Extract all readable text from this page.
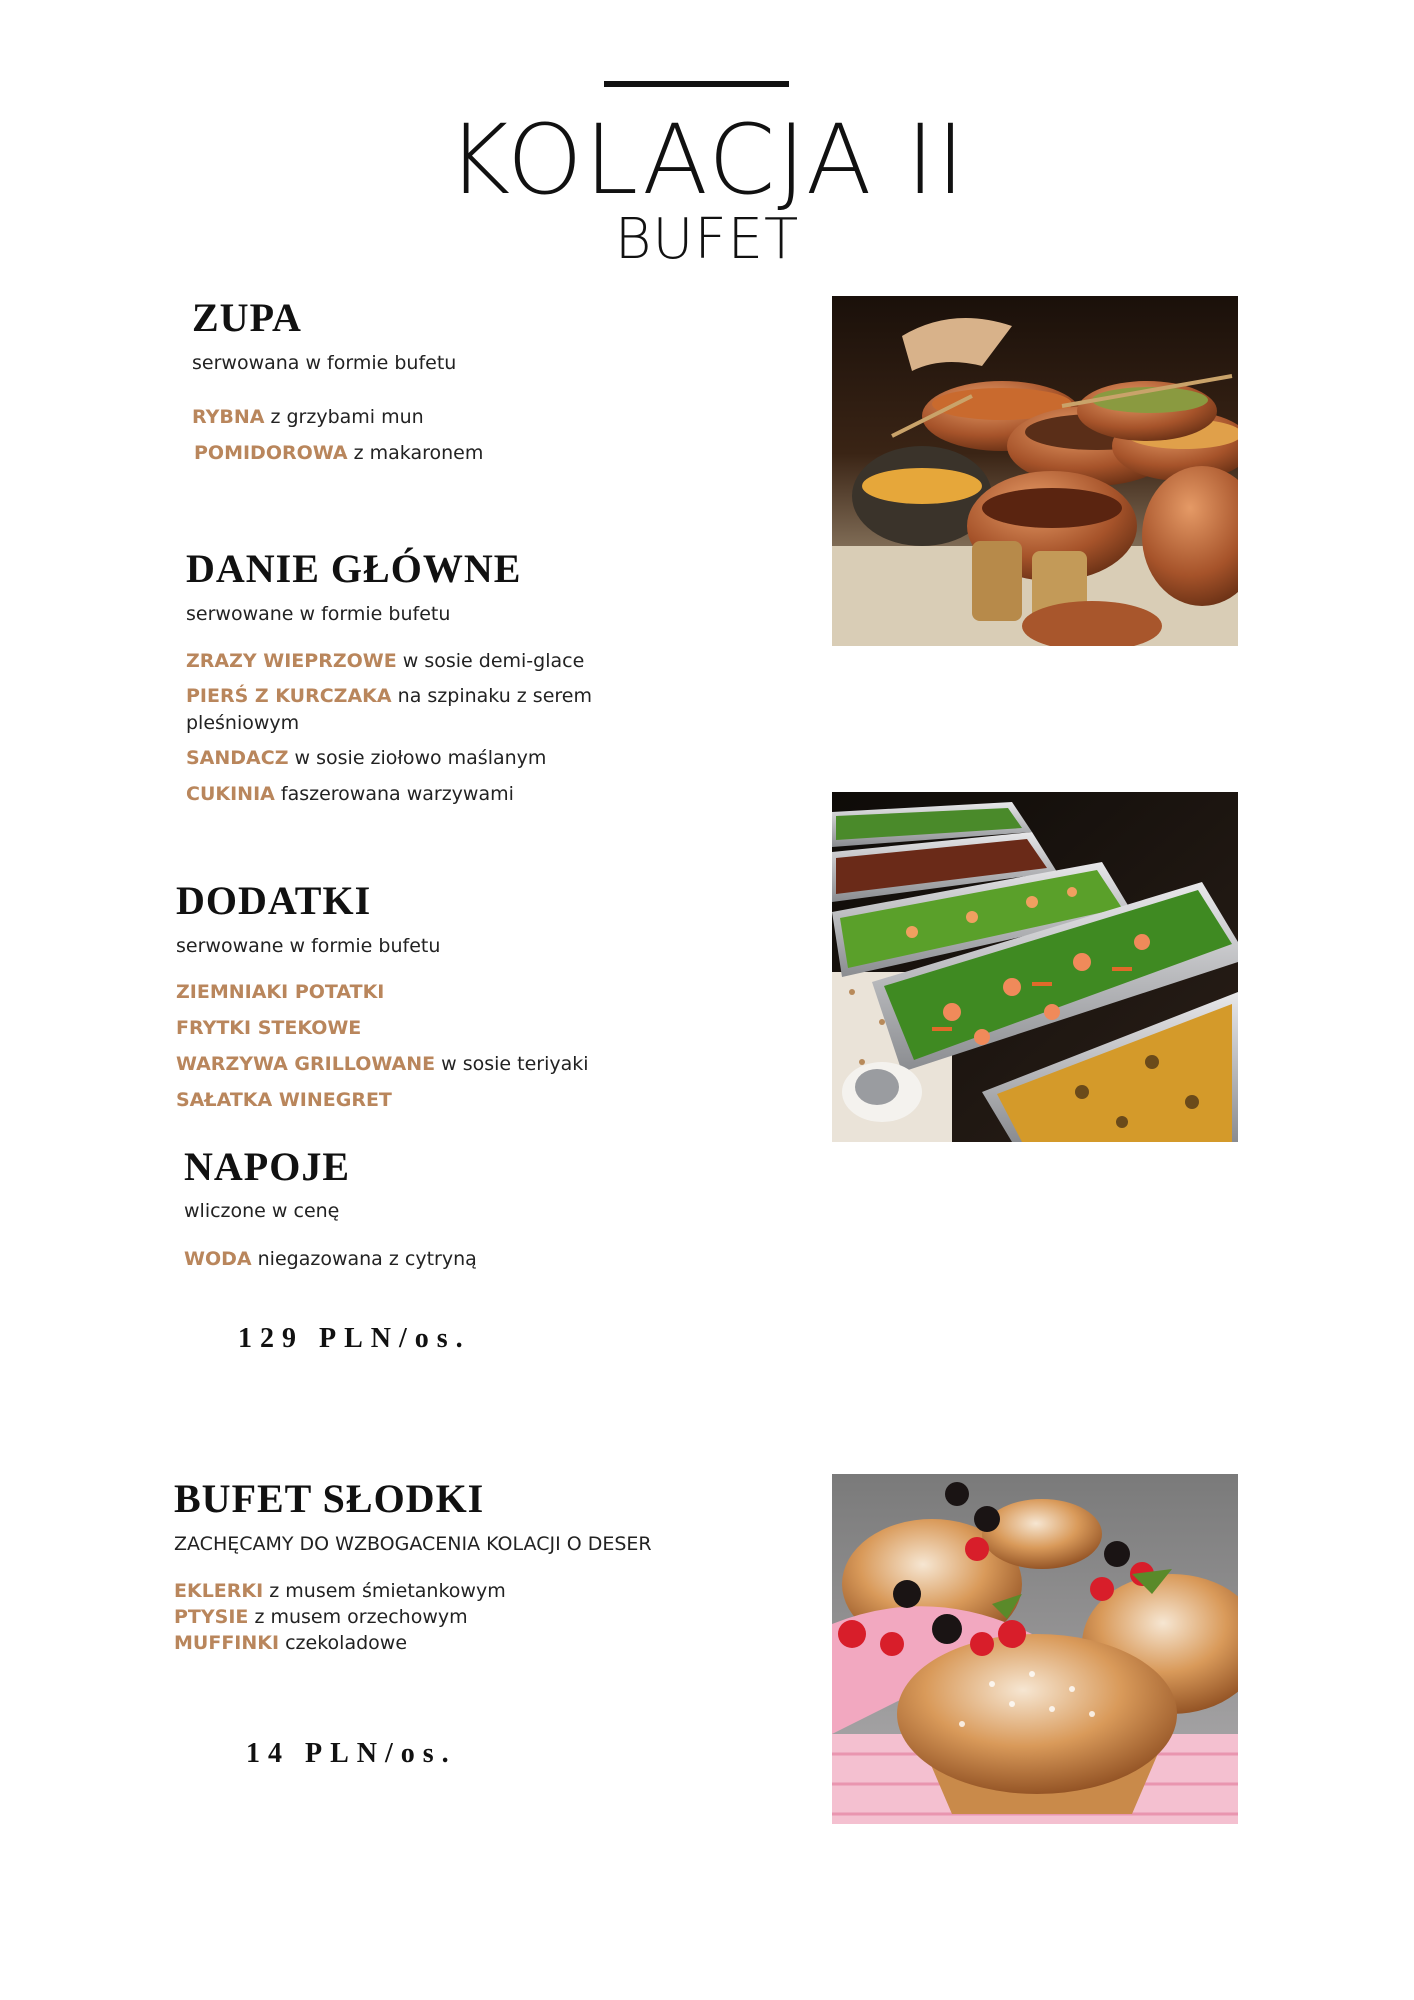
KOLACJA II
BUFET
ZUPA
serwowana w formie bufetu
RYBNA z grzybami mun
POMIDOROWA z makaronem
DANIE GŁÓWNE
serwowane w formie bufetu
ZRAZY WIEPRZOWE w sosie demi-glace
PIERŚ Z KURCZAKA na szpinaku z serem
pleśniowym
SANDACZ w sosie ziołowo maślanym
CUKINIA faszerowana warzywami
DODATKI
serwowane w formie bufetu
ZIEMNIAKI POTATKI
FRYTKI STEKOWE
WARZYWA GRILLOWANE w sosie teriyaki
SAŁATKA WINEGRET
NAPOJE
wliczone w cenę
WODA niegazowana z cytryną
129 PLN/os.
BUFET SŁODKI
ZACHĘCAMY DO WZBOGACENIA KOLACJI O DESER
EKLERKI z musem śmietankowym
PTYSIE z musem orzechowym
MUFFINKI czekoladowe
14 PLN/os.
